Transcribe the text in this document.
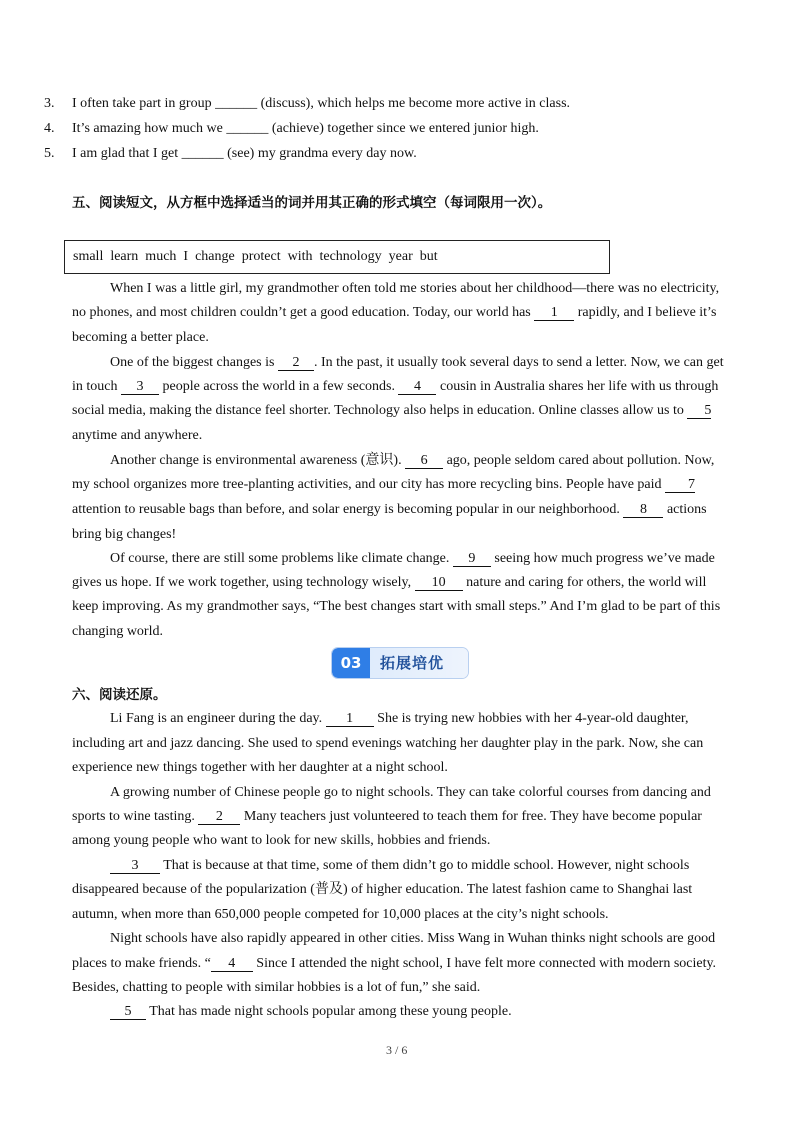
3. I often take part in group ______ (discuss), which helps me become more active in class.
4. It’s amazing how much we ______ (achieve) together since we entered junior high.
5. I am glad that I get ______ (see) my grandma every day now.
五、阅读短文，从方框中选择适当的词并用其正确的形式填空（每词限用一次）。
small  learn  much  I  change  protect  with  technology  year  but
When I was a little girl, my grandmother often told me stories about her childhood—there was no electricity,
no phones, and most children couldn’t get a good education. Today, our world has 1 rapidly, and I believe it’s
becoming a better place.
One of the biggest changes is 2 . In the past, it usually took several days to send a letter. Now, we can get
in touch 3 people across the world in a few seconds. 4 cousin in Australia shares her life with us through
social media, making the distance feel shorter. Technology also helps in education. Online classes allow us to 5
anytime and anywhere.
Another change is environmental awareness (意识). 6 ago, people seldom cared about pollution. Now,
my school organizes more tree-planting activities, and our city has more recycling bins. People have paid 7
attention to reusable bags than before, and solar energy is becoming popular in our neighborhood. 8 actions
bring big changes!
Of course, there are still some problems like climate change. 9 seeing how much progress we’ve made
gives us hope. If we work together, using technology wisely, 10 nature and caring for others, the world will
keep improving. As my grandmother says, “The best changes start with small steps.” And I’m glad to be part of this
changing world.
03	拓展培优
六、阅读还原。
Li Fang is an engineer during the day. 1 She is trying new hobbies with her 4-year-old daughter,
including art and jazz dancing. She used to spend evenings watching her daughter play in the park. Now, she can
experience new things together with her daughter at a night school.
A growing number of Chinese people go to night schools. They can take colorful courses from dancing and
sports to wine tasting. 2 Many teachers just volunteered to teach them for free. They have become popular
among young people who want to look for new skills, hobbies and friends.
3 That is because at that time, some of them didn’t go to middle school. However, night schools
disappeared because of the popularization (普及) of higher education. The latest fashion came to Shanghai last
autumn, when more than 650,000 people competed for 10,000 places at the city’s night schools.
Night schools have also rapidly appeared in other cities. Miss Wang in Wuhan thinks night schools are good
places to make friends. “ 4 Since I attended the night school, I have felt more connected with modern society.
Besides, chatting to people with similar hobbies is a lot of fun,” she said.
5 That has made night schools popular among these young people.
3 / 6
